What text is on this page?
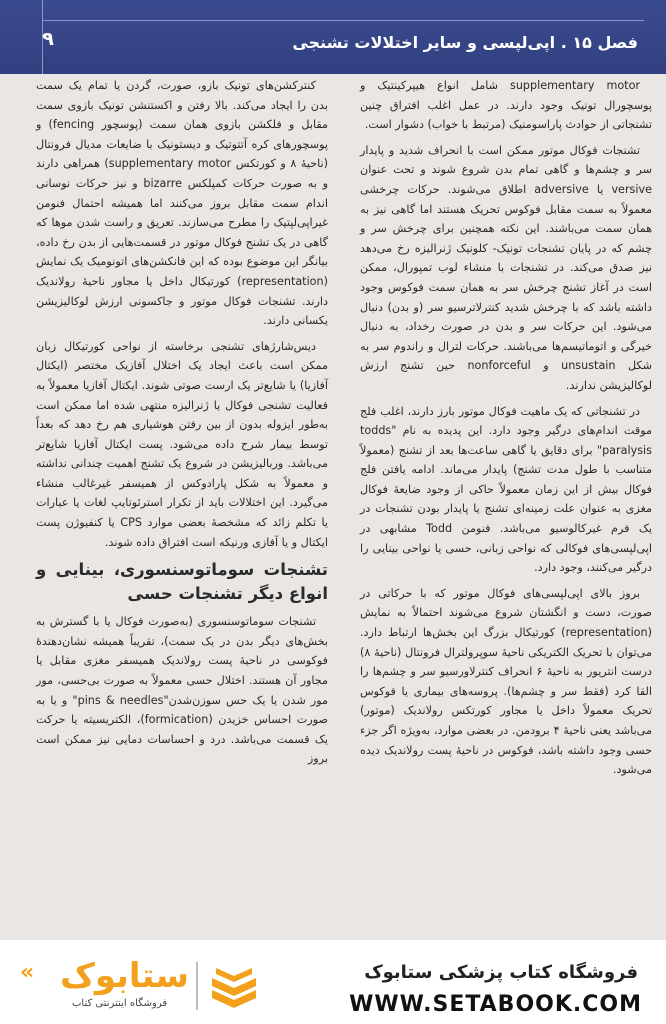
۹	فصل ۱۵ . اپی‌لپسی و سایر اختلالات تشنجی

supplementary motor شامل انواع هیپرکینتیک و پوسچورال تونیک وجود دارند. در عمل اغلب افتراق چنین تشنجاتی از حوادث پاراسومنیک (مرتبط با خواب) دشوار است.

تشنجات فوکال موتور ممکن است با انحراف شدید و پایدار سر و چشم‌ها و گاهی تمام بدن شروع شوند و تحت عنوان versive یا adversive اطلاق می‌شوند. حرکات چرخشی معمولاً به سمت مقابل فوکوس تحریک هستند اما گاهی نیز به همان سمت می‌باشند. این نکته همچنین برای چرخش سر و چشم که در پایان تشنجات تونیک- کلونیک ژنرالیزه رخ می‌دهد نیز صدق می‌کند. در تشنجات با منشاء لوب تمپورال، ممکن است در آغاز تشنج چرخش سر به همان سمت فوکوس وجود داشته باشد که با چرخش شدید کنترلاترسیو سر (و بدن) دنبال می‌شود. این حرکات سر و بدن در صورت رخداد، به دنبال خیرگی و اتوماتیسم‌ها می‌باشند. حرکات لترال و راندوم سر به شکل unsustain و nonforceful حین تشنج ارزش لوکالیزیشن ندارند.

در تشنجاتی که یک ماهیت فوکال موتور بارز دارند، اغلب فلج موقت اندام‌های درگیر وجود دارد. این پدیده به نام "todds paralysis" برای دقایق یا گاهی ساعت‌ها بعد از تشنج (معمولاً متناسب با طول مدت تشنج) پایدار می‌ماند. ادامه یافتن فلج فوکال بیش از این زمان معمولاً حاکی از وجود ضایعهٔ فوکال مغزی به عنوان علت زمینه‌ای تشنج یا پایدار بودن تشنجات در یک فرم غیرکالوسیو می‌باشد. فنومن Todd مشابهی در اپی‌لپسی‌های فوکالی که نواحی زبانی، حسی یا نواحی بینایی را درگیر می‌کنند، وجود دارد.

بروز بالای اپی‌لپسی‌های فوکال موتور که با حرکاتی در صورت، دست و انگشتان شروع می‌شوند احتمالاً به نمایش (representation) کورتیکال بزرگ این بخش‌ها ارتباط دارد. می‌توان با تحریک الکتریکی ناحیهٔ سوپرولترال فرونتال (ناحیهٔ ۸) درست انتریور به ناحیهٔ ۶ انحراف کنترلاورسیو سر و چشم‌ها را القا کرد (فقط سر و چشم‌ها). پروسه‌های بیماری یا فوکوس تحریک معمولاً داخل یا مجاور کورتکس رولاندیک (موتور) می‌باشد یعنی ناحیهٔ ۴ برودمن. در بعضی موارد، به‌ویژه اگر جزء حسی وجود داشته باشد، فوکوس در ناحیهٔ پست رولاندیک دیده می‌شود.

کنترکشن‌های تونیک بازو، صورت، گردن یا تمام یک سمت بدن را ایجاد می‌کند. بالا رفتن و اکستنشن تونیک بازوی سمت مقابل و فلکشن بازوی همان سمت (پوسچور fencing) و پوسچورهای کره آتتوتیک و دیستونیک با ضایعات مدیال فرونتال (ناحیهٔ ۸ و کورتکس supplementary motor) همراهی دارند و به صورت حرکات کمپلکس bizarre و نیز حرکات نوسانی اندام سمت مقابل بروز می‌کنند اما همیشه احتمال فنومن غیراپی‌لپتیک را مطرح می‌سازند. تعریق و راست شدن موها که گاهی در یک تشنج فوکال موتور در قسمت‌هایی از بدن رخ داده، بیانگر این موضوع بوده که این فانکشن‌های اتونومیک یک نمایش (representation) کورتیکال داخل یا مجاور ناحیهٔ رولاندیک دارند. تشنجات فوکال موتور و جاکسونی ارزش لوکالیزیشن یکسانی دارند.

دیس‌شارژهای تشنجی برخاسته از نواحی کورتیکال زبان ممکن است باعث ایجاد یک اختلال آفازیک مختصر (ایکتال آفازیا) یا شایع‌تر یک ارست صوتی شوند. ایکتال آفازیا معمولاً به فعالیت تشنجی فوکال یا ژنرالیزه منتهی شده اما ممکن است به‌طور ایزوله بدون از بین رفتن هوشیاری هم رخ دهد که بعداً توسط بیمار شرح داده می‌شود. پست ایکتال آفازیا شایع‌تر می‌باشد. وربالیزیشن در شروع یک تشنج اهمیت چندانی نداشته و معمولاً به شکل پارادوکس از همیسفر غیرغالب منشاء می‌گیرد. این اختلالات باید از تکرار استرئوتایپ لغات یا عبارات یا تکلم زائد که مشخصهٔ بعضی موارد CPS یا کنفیوژن پست ایکتال و یا آفازی ورنیکه است افتراق داده شوند.

تشنجات سوماتوسنسوری، بینایی و انواع دیگر تشنجات حسی

تشنجات سوماتوسنسوری (به‌صورت فوکال یا با گسترش به بخش‌های دیگر بدن در یک سمت)، تقریباً همیشه نشان‌دهندهٔ فوکوسی در ناحیهٔ پست رولاندیک همیسفر مغزی مقابل یا مجاور آن هستند. اختلال حسی معمولاً به صورت بی‌حسی، مور مور شدن یا یک حس سوزن‌شدن"pins & needles" و یا به صورت احساس خزیدن (formication)، الکتریسیته یا حرکت یک قسمت می‌باشد. درد و احساسات دمایی نیز ممکن است بروز

« ستابوک
فروشگاه اینترنتی کتاب
فروشگاه کتاب پزشکی ستابوک
WWW.SETABOOK.COM
